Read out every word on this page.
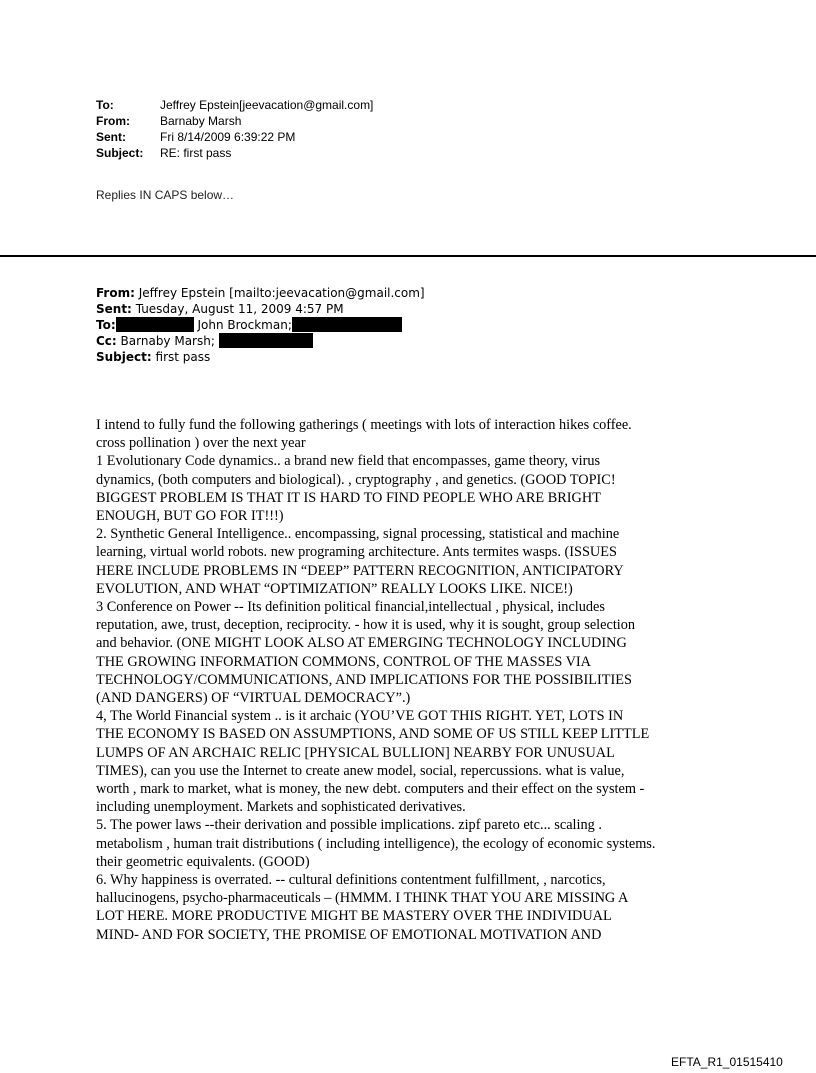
To:	Jeffrey Epstein[jeevacation@gmail.com]
From:	Barnaby Marsh
Sent:	Fri 8/14/2009 6:39:22 PM
Subject:	RE: first pass
Replies IN CAPS below…
From: Jeffrey Epstein [mailto:jeevacation@gmail.com]
Sent: Tuesday, August 11, 2009 4:57 PM
To:	John Brockman;
Cc: Barnaby Marsh;
Subject: first pass

I intend to fully fund the following gatherings ( meetings with lots of interaction hikes coffee.

cross pollination ) over the next year

1 Evolutionary Code dynamics.. a brand new field that encompasses, game theory, virus

dynamics, (both computers and biological). , cryptography , and genetics. (GOOD TOPIC!

BIGGEST PROBLEM IS THAT IT IS HARD TO FIND PEOPLE WHO ARE BRIGHT

ENOUGH, BUT GO FOR IT!!!)

2. Synthetic General Intelligence.. encompassing, signal processing, statistical and machine

learning, virtual world robots. new programing architecture. Ants termites wasps. (ISSUES

HERE INCLUDE PROBLEMS IN “DEEP” PATTERN RECOGNITION, ANTICIPATORY

EVOLUTION, AND WHAT “OPTIMIZATION” REALLY LOOKS LIKE. NICE!)

3 Conference on Power -- Its definition political financial,intellectual , physical, includes

reputation, awe, trust, deception, reciprocity. - how it is used, why it is sought, group selection

and behavior. (ONE MIGHT LOOK ALSO AT EMERGING TECHNOLOGY INCLUDING

THE GROWING INFORMATION COMMONS, CONTROL OF THE MASSES VIA

TECHNOLOGY/COMMUNICATIONS, AND IMPLICATIONS FOR THE POSSIBILITIES

(AND DANGERS) OF “VIRTUAL DEMOCRACY”.)

4, The World Financial system .. is it archaic (YOU’VE GOT THIS RIGHT. YET, LOTS IN

THE ECONOMY IS BASED ON ASSUMPTIONS, AND SOME OF US STILL KEEP LITTLE

LUMPS OF AN ARCHAIC RELIC [PHYSICAL BULLION] NEARBY FOR UNUSUAL

TIMES), can you use the Internet to create anew model, social, repercussions. what is value,

worth , mark to market, what is money, the new debt. computers and their effect on the system -

including unemployment. Markets and sophisticated derivatives.

5. The power laws --their derivation and possible implications. zipf pareto etc... scaling .

metabolism , human trait distributions ( including intelligence), the ecology of economic systems.

their geometric equivalents. (GOOD)

6. Why happiness is overrated. -- cultural definitions contentment fulfillment, , narcotics,

hallucinogens, psycho-pharmaceuticals – (HMMM. I THINK THAT YOU ARE MISSING A

LOT HERE. MORE PRODUCTIVE MIGHT BE MASTERY OVER THE INDIVIDUAL

MIND- AND FOR SOCIETY, THE PROMISE OF EMOTIONAL MOTIVATION AND

EFTA_R1_01515410
